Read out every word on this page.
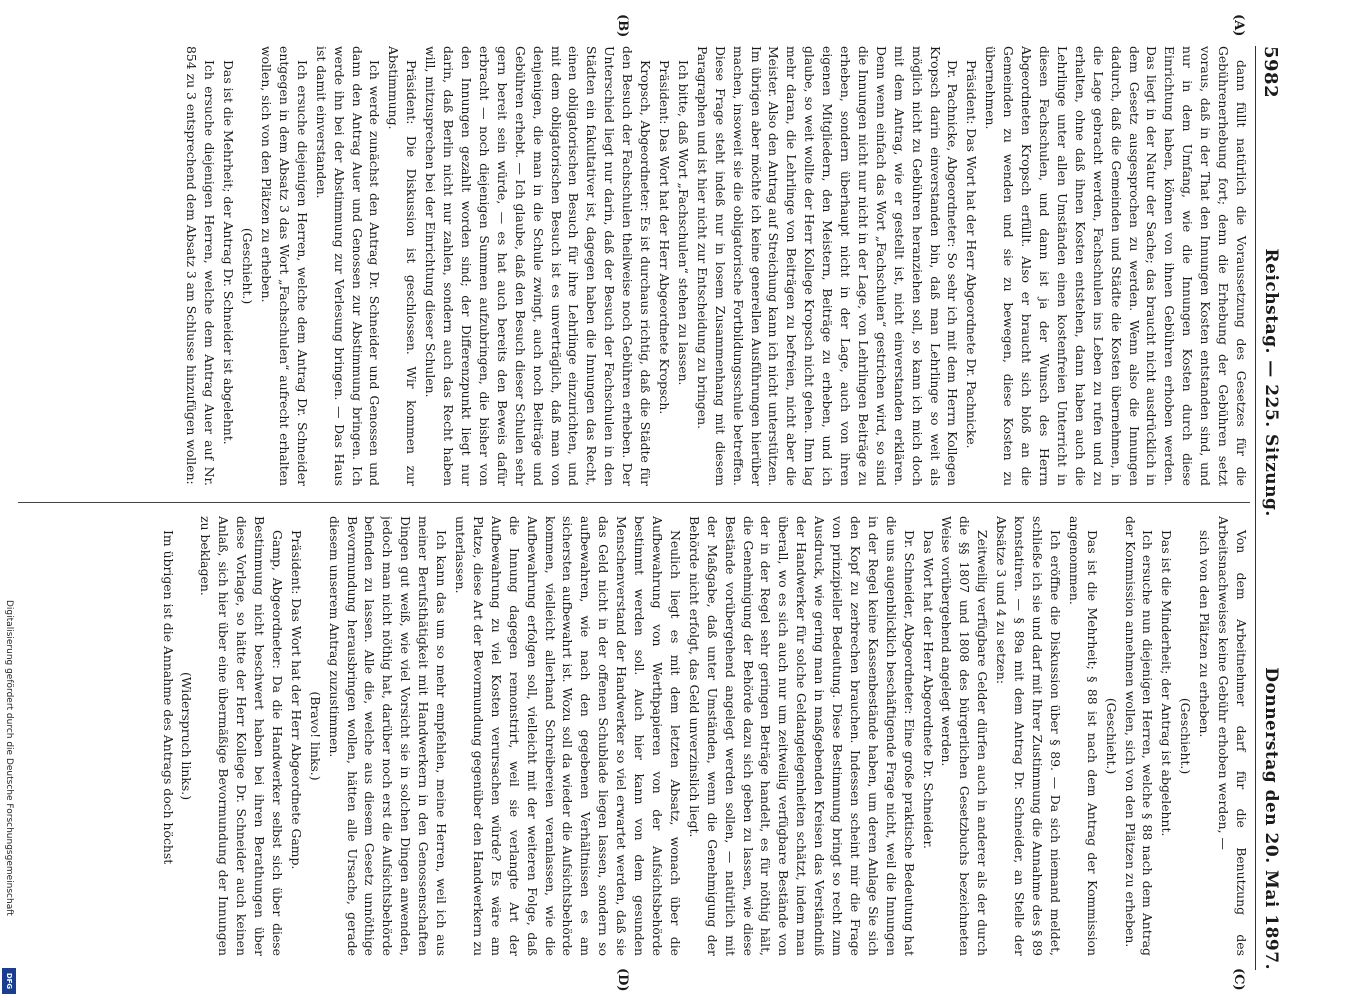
5982
Reichstag. — 225. Sitzung.
Donnerstag den 20. Mai 1897.
(A)
(B)
(C)
(D)

dann füllt natürlich die Voraussetzung des Gesetzes für die Gebührenerhebung fort; denn die Erhebung der Gebühren setzt voraus, daß in der That den Innungen Kosten entstanden sind, und nur in dem Umfang, wie die Innungen Kosten durch diese Einrichtung haben, können von ihnen Gebühren erhoben werden. Das liegt in der Natur der Sache; das braucht nicht ausdrücklich in dem Gesetz ausgesprochen zu werden. Wenn also die Innungen dadurch, daß die Gemeinden und Städte die Kosten übernehmen, in die Lage gebracht werden, Fachschulen ins Leben zu rufen und zu erhalten, ohne daß ihnen Kosten entstehen, dann haben auch die Lehrlinge unter allen Umständen einen kostenfreien Unterricht in diesen Fachschulen, und dann ist ja der Wunsch des Herrn Abgeordneten Kropsch erfüllt. Also er braucht sich bloß an die Gemeinden zu wenden und sie zu bewegen, diese Kosten zu übernehmen.

Präsident: Das Wort hat der Herr Abgeordnete Dr. Pachnicke.

Dr. Pachnicke, Abgeordneter: So sehr ich mit dem Herrn Kollegen Kropsch darin einverstanden bin, daß man Lehrlinge so weit als möglich nicht zu Gebühren heranziehen soll, so kann ich mich doch mit dem Antrag, wie er gestellt ist, nicht einverstanden erklären. Denn wenn einfach das Wort „Fachschulen“ gestrichen wird, so sind die Innungen nicht nur nicht in der Lage, von Lehrlingen Beiträge zu erheben, sondern überhaupt nicht in der Lage, auch von ihren eigenen Mitgliedern, den Meistern, Beiträge zu erheben, und ich glaube, so weit wollte der Herr Kollege Kropsch nicht gehen. Ihm lag mehr daran, die Lehrlinge von Beiträgen zu befreien, nicht aber die Meister. Also den Antrag auf Streichung kann ich nicht unterstützen. Im übrigen aber möchte ich keine generellen Ausführungen hierüber machen, insoweit sie die obligatorische Fortbildungsschule betreffen. Diese Frage steht indeß nur in losem Zusammenhang mit diesem Paragraphen und ist hier nicht zur Entscheidung zu bringen.

Ich bitte, daß Wort „Fachschulen“ stehen zu lassen.

Präsident: Das Wort hat der Herr Abgeordnete Kropsch.

Kropsch, Abgeordneter: Es ist durchaus richtig, daß die Städte für den Besuch der Fachschulen theilweise noch Gebühren erheben. Der Unterschied liegt nur darin, daß der Besuch der Fachschulen in den Städten ein fakultativer ist, dagegen haben die Innungen das Recht, einen obligatorischen Besuch für ihre Lehrlinge einzurichten, und mit dem obligatorischen Besuch ist es unverträglich, daß man von denjenigen, die man in die Schule zwingt, auch noch Beiträge und Gebühren erhebt. — Ich glaube, daß den Besuch dieser Schulen sehr gern bereit sein würde, — es hat auch bereits den Beweis dafür erbracht — noch diejenigen Summen aufzubringen, die bisher von den Innungen gezahlt worden sind; der Differenzpunkt liegt nur darin, daß Berlin nicht nur zahlen, sondern auch das Recht haben will, mitzusprechen bei der Einrichtung dieser Schulen.

Präsident: Die Diskussion ist geschlossen. Wir kommen zur Abstimmung.

Ich werde zunächst den Antrag Dr. Schneider und Genossen und dann den Antrag Auer und Genossen zur Abstimmung bringen. Ich werde ihn bei der Abstimmung zur Verlesung bringen. — Das Haus ist damit einverstanden.

Ich ersuche diejenigen Herren, welche dem Antrag Dr. Schneider entgegen in dem Absatz 3 das Wort „Fachschulen“ aufrecht erhalten wollen, sich von den Plätzen zu erheben.

(Geschieht.)

Das ist die Mehrheit; der Antrag Dr. Schneider ist abgelehnt.

Ich ersuche diejenigen Herren, welche dem Antrag Auer auf Nr. 854 zu 3 entsprechend dem Absatz 3 am Schlusse hinzufügen wollen:

Von dem Arbeitnehmer darf für die Benutzung des Arbeitsnachweises keine Gebühr erhoben werden, —

sich von den Plätzen zu erheben.

(Geschieht.)

Das ist die Minderheit; der Antrag ist abgelehnt.

Ich ersuche nun diejenigen Herren, welche § 88 nach dem Antrag der Kommission annehmen wollen, sich von den Plätzen zu erheben.

(Geschieht.)

Das ist die Mehrheit; § 88 ist nach dem Antrag der Kommission angenommen.

Ich eröffne die Diskussion über § 89. — Da sich niemand meldet, schließe ich sie und darf mit Ihrer Zustimmung die Annahme des § 89 konstatiren. — § 89a mit dem Antrag Dr. Schneider, an Stelle der Absätze 3 und 4 zu setzen:

Zeitweilig verfügbare Gelder dürfen auch in anderer als der durch die §§ 1807 und 1808 des bürgerlichen Gesetzbuchs bezeichneten Weise vorübergehend angelegt werden.

Das Wort hat der Herr Abgeordnete Dr. Schneider.

Dr. Schneider, Abgeordneter: Eine große praktische Bedeutung hat die uns augenblicklich beschäftigende Frage nicht, weil die Innungen in der Regel keine Kassenbestände haben, um deren Anlage Sie sich den Kopf zu zerbrechen brauchen. Indessen scheint mir die Frage von prinzipieller Bedeutung. Diese Bestimmung bringt so recht zum Ausdruck, wie gering man in maßgebenden Kreisen das Verständniß der Handwerker für solche Geldangelegenheiten schätzt, indem man überall, wo es sich auch nur um zeitweilig verfügbare Bestände von der in der Regel sehr geringen Beträge handelt, es für nöthig hält, die Genehmigung der Behörde dazu sich geben zu lassen, wie diese Bestände vorübergehend angelegt werden sollen, — natürlich mit der Maßgabe, daß unter Umständen, wenn die Genehmigung der Behörde nicht erfolgt, das Geld unverzinslich liegt.

Neulich liegt es mit dem letzten Absatz, wonach über die Aufbewahrung von Werthpapieren von der Aufsichtsbehörde bestimmt werden soll. Auch hier kann von dem gesunden Menschenverstand der Handwerker so viel erwartet werden, daß sie das Geld nicht in der offenen Schublade liegen lassen, sondern so aufbewahren, wie nach den gegebenen Verhältnissen es am sichersten aufbewahrt ist. Wozu soll da wieder die Aufsichtsbehörde kommen, vielleicht allerhand Schreibereien veranlassen, wie die Aufbewahrung erfolgen soll, vielleicht mit der weiteren Folge, daß die Innung dagegen remonstrirt, weil sie verlangte Art der Aufbewahrung zu viel Kosten verursachen würde? Es wäre am Platze, diese Art der Bevormundung gegenüber den Handwerkern zu unterlassen.

Ich kann das um so mehr empfehlen, meine Herren, weil ich aus meiner Berufsthätigkeit mit Handwerkern in den Genossenschaften Dingen gut weiß, wie viel Vorsicht sie in solchen Dingen anwenden, jedoch man nicht nöthig hat, darüber noch erst die Aufsichtsbehörde befinden zu lassen. Alle die, welche aus diesem Gesetz unnöthige Bevormundung herausbringen wollen, hätten alle Ursache, gerade diesem unserem Antrag zuzustimmen.

(Bravo! links.)

Präsident: Das Wort hat der Herr Abgeordnete Gamp.

Gamp, Abgeordneter: Da die Handwerker selbst sich über diese Bestimmung nicht beschwert haben bei ihren Berathungen über diese Vorlage, so hätte der Herr Kollege Dr. Schneider auch keinen Anlaß, sich hier über eine übermäßige Bevormundung der Innungen zu beklagen.

(Widerspruch links.)

Im übrigen ist die Annahme des Antrags doch höchst

Digitalisierung gefördert durch die Deutsche Forschungsgemeinschaft
DFG
